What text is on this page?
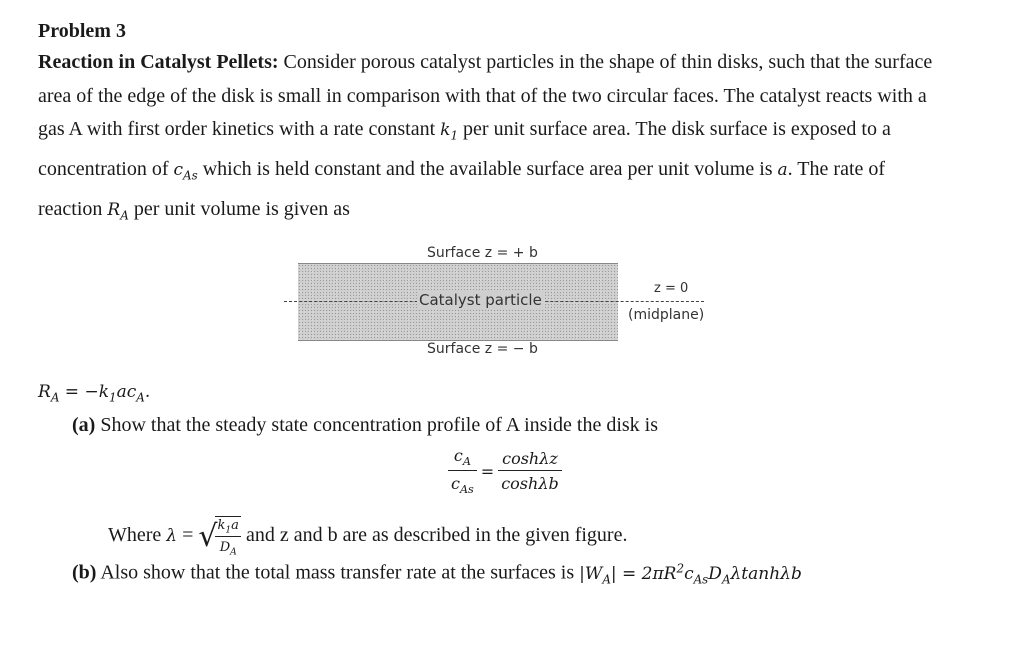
Problem 3
Reaction in Catalyst Pellets: Consider porous catalyst particles in the shape of thin disks, such that the surface area of the edge of the disk is small in comparison with that of the two circular faces. The catalyst reacts with a gas A with first order kinetics with a rate constant $k_1$ per unit surface area. The disk surface is exposed to a concentration of $c_{As}$ which is held constant and the available surface area per unit volume is a. The rate of reaction $R_A$ per unit volume is given as
Surface z = + b
Catalyst particle
Surface z = − b
z = 0
(midplane)
$R_A = -k_1ac_A$.
(a) Show that the steady state concentration profile of A inside the disk is
$\frac{c_A}{c_{As}} = \frac{\cosh\lambda z}{\cosh\lambda b}$
Where λ = √
$\frac{k_1a}{D_A}$ and z and b are as described in the given figure.
(b) Also show that the total mass transfer rate at the surfaces is $|W_A| = 2\pi R^2c_{As}D_A\lambda\tanh\lambda b$
